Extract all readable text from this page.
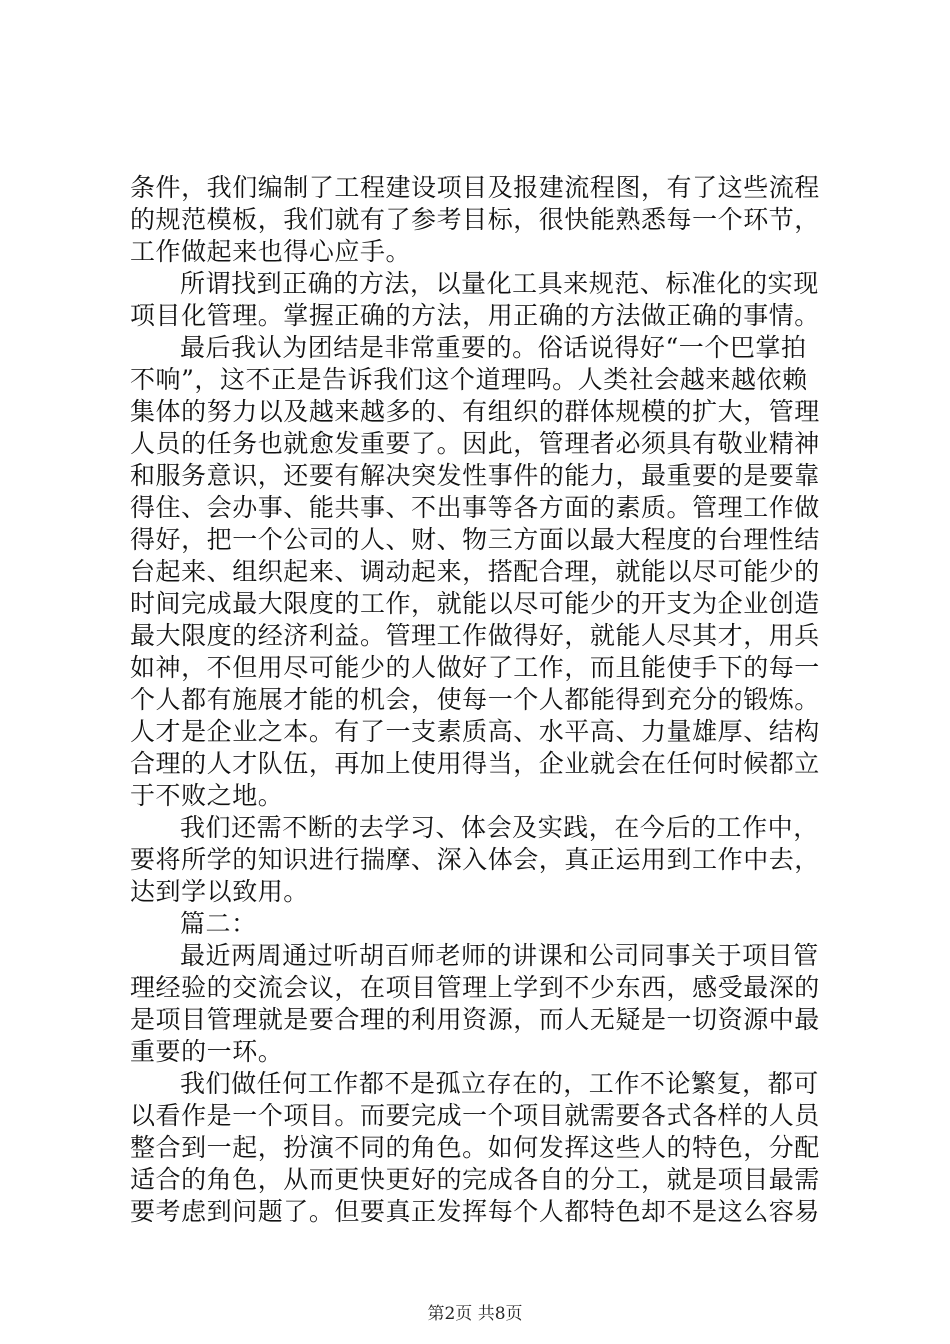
条件，我们编制了工程建设项目及报建流程图，有了这些流程
的规范模板，我们就有了参考目标，很快能熟悉每一个环节，
工作做起来也得心应手。
所谓找到正确的方法，以量化工具来规范、标准化的实现
项目化管理。掌握正确的方法，用正确的方法做正确的事情。
最后我认为团结是非常重要的。俗话说得好“一个巴掌拍
不响”，这不正是告诉我们这个道理吗。人类社会越来越依赖
集体的努力以及越来越多的、有组织的群体规模的扩大，管理
人员的任务也就愈发重要了。因此，管理者必须具有敬业精神
和服务意识，还要有解决突发性事件的能力，最重要的是要靠
得住、会办事、能共事、不出事等各方面的素质。管理工作做
得好，把一个公司的人、财、物三方面以最大程度的台理性结
台起来、组织起来、调动起来，搭配合理，就能以尽可能少的
时间完成最大限度的工作，就能以尽可能少的开支为企业创造
最大限度的经济利益。管理工作做得好，就能人尽其才，用兵
如神，不但用尽可能少的人做好了工作，而且能使手下的每一
个人都有施展才能的机会，使每一个人都能得到充分的锻炼。
人才是企业之本。有了一支素质高、水平高、力量雄厚、结构
合理的人才队伍，再加上使用得当，企业就会在任何时候都立
于不败之地。
我们还需不断的去学习、体会及实践，在今后的工作中，
要将所学的知识进行揣摩、深入体会，真正运用到工作中去，
达到学以致用。
篇二：
最近两周通过听胡百师老师的讲课和公司同事关于项目管
理经验的交流会议，在项目管理上学到不少东西，感受最深的
是项目管理就是要合理的利用资源，而人无疑是一切资源中最
重要的一环。
我们做任何工作都不是孤立存在的，工作不论繁复，都可
以看作是一个项目。而要完成一个项目就需要各式各样的人员
整合到一起，扮演不同的角色。如何发挥这些人的特色，分配
适合的角色，从而更快更好的完成各自的分工，就是项目最需
要考虑到问题了。但要真正发挥每个人都特色却不是这么容易
第2页 共8页
